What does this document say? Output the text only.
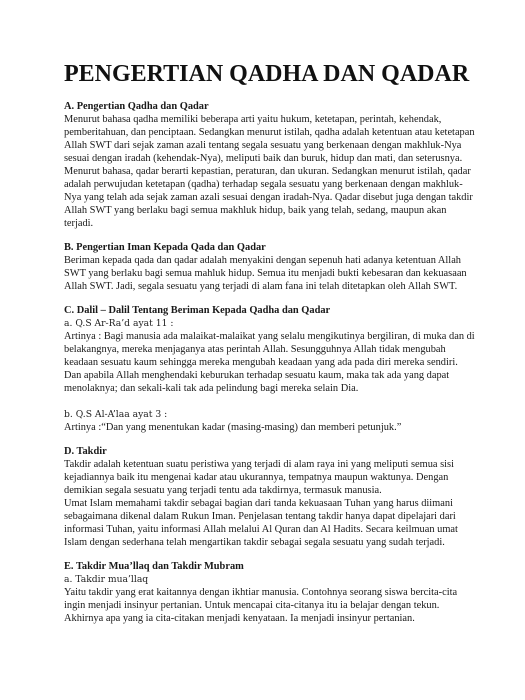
PENGERTIAN QADHA DAN QADAR

A. Pengertian Qadha dan Qadar

Menurut bahasa qadha memiliki beberapa arti yaitu hukum, ketetapan, perintah, kehendak, pemberitahuan, dan penciptaan. Sedangkan menurut istilah, qadha adalah ketentuan atau ketetapan Allah SWT dari sejak zaman azali tentang segala sesuatu yang berkenaan dengan makhluk-Nya sesuai dengan iradah (kehendak-Nya), meliputi baik dan buruk, hidup dan mati, dan seterusnya.

Menurut bahasa, qadar berarti kepastian, peraturan, dan ukuran. Sedangkan menurut istilah, qadar adalah perwujudan ketetapan (qadha) terhadap segala sesuatu yang berkenaan dengan makhluk-Nya yang telah ada sejak zaman azali sesuai dengan iradah-Nya. Qadar disebut juga dengan takdir Allah SWT yang berlaku bagi semua makhluk hidup, baik yang telah, sedang, maupun akan terjadi.

B. Pengertian Iman Kepada Qada dan Qadar

Beriman kepada qada dan qadar adalah menyakini dengan sepenuh hati adanya ketentuan Allah SWT yang berlaku bagi semua mahluk hidup. Semua itu menjadi bukti kebesaran dan kekuasaan Allah SWT. Jadi, segala sesuatu yang terjadi di alam fana ini telah ditetapkan oleh Allah SWT.

C. Dalil – Dalil Tentang Beriman Kepada Qadha dan Qadar

a. Q.S Ar-Ra’d ayat 11 :

Artinya : Bagi manusia ada malaikat-malaikat yang selalu mengikutinya bergiliran, di muka dan di belakangnya, mereka menjaganya atas perintah Allah. Sesungguhnya Allah tidak mengubah keadaan sesuatu kaum sehingga mereka mengubah keadaan yang ada pada diri mereka sendiri. Dan apabila Allah menghendaki keburukan terhadap sesuatu kaum, maka tak ada yang dapat menolaknya; dan sekali-kali tak ada pelindung bagi mereka selain Dia.

b. Q.S Al-A’laa ayat 3 :

Artinya :“Dan yang menentukan kadar (masing-masing) dan memberi petunjuk.”

D. Takdir

Takdir adalah ketentuan suatu peristiwa yang terjadi di alam raya ini yang meliputi semua sisi kejadiannya baik itu mengenai kadar atau ukurannya, tempatnya maupun waktunya. Dengan demikian segala sesuatu yang terjadi tentu ada takdirnya, termasuk manusia.

Umat Islam memahami takdir sebagai bagian dari tanda kekuasaan Tuhan yang harus diimani sebagaimana dikenal dalam Rukun Iman. Penjelasan tentang takdir hanya dapat dipelajari dari informasi Tuhan, yaitu informasi Allah melalui Al Quran dan Al Hadits. Secara keilmuan umat Islam dengan sederhana telah mengartikan takdir sebagai segala sesuatu yang sudah terjadi.

E. Takdir Mua’llaq dan Takdir Mubram

a. Takdir mua’llaq

Yaitu takdir yang erat kaitannya dengan ikhtiar manusia. Contohnya seorang siswa bercita-cita ingin menjadi insinyur pertanian. Untuk mencapai cita-citanya itu ia belajar dengan tekun. Akhirnya apa yang ia cita-citakan menjadi kenyataan. Ia menjadi insinyur pertanian.
